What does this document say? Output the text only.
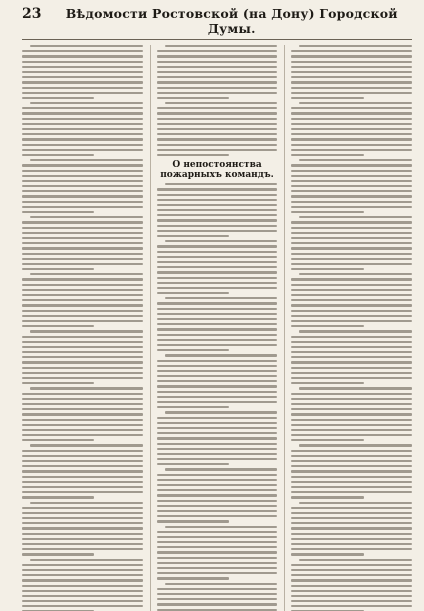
23	Вѣдомости Ростовской (на Дону) Городской Думы.
О непостоянства пожарныхъ командъ.
